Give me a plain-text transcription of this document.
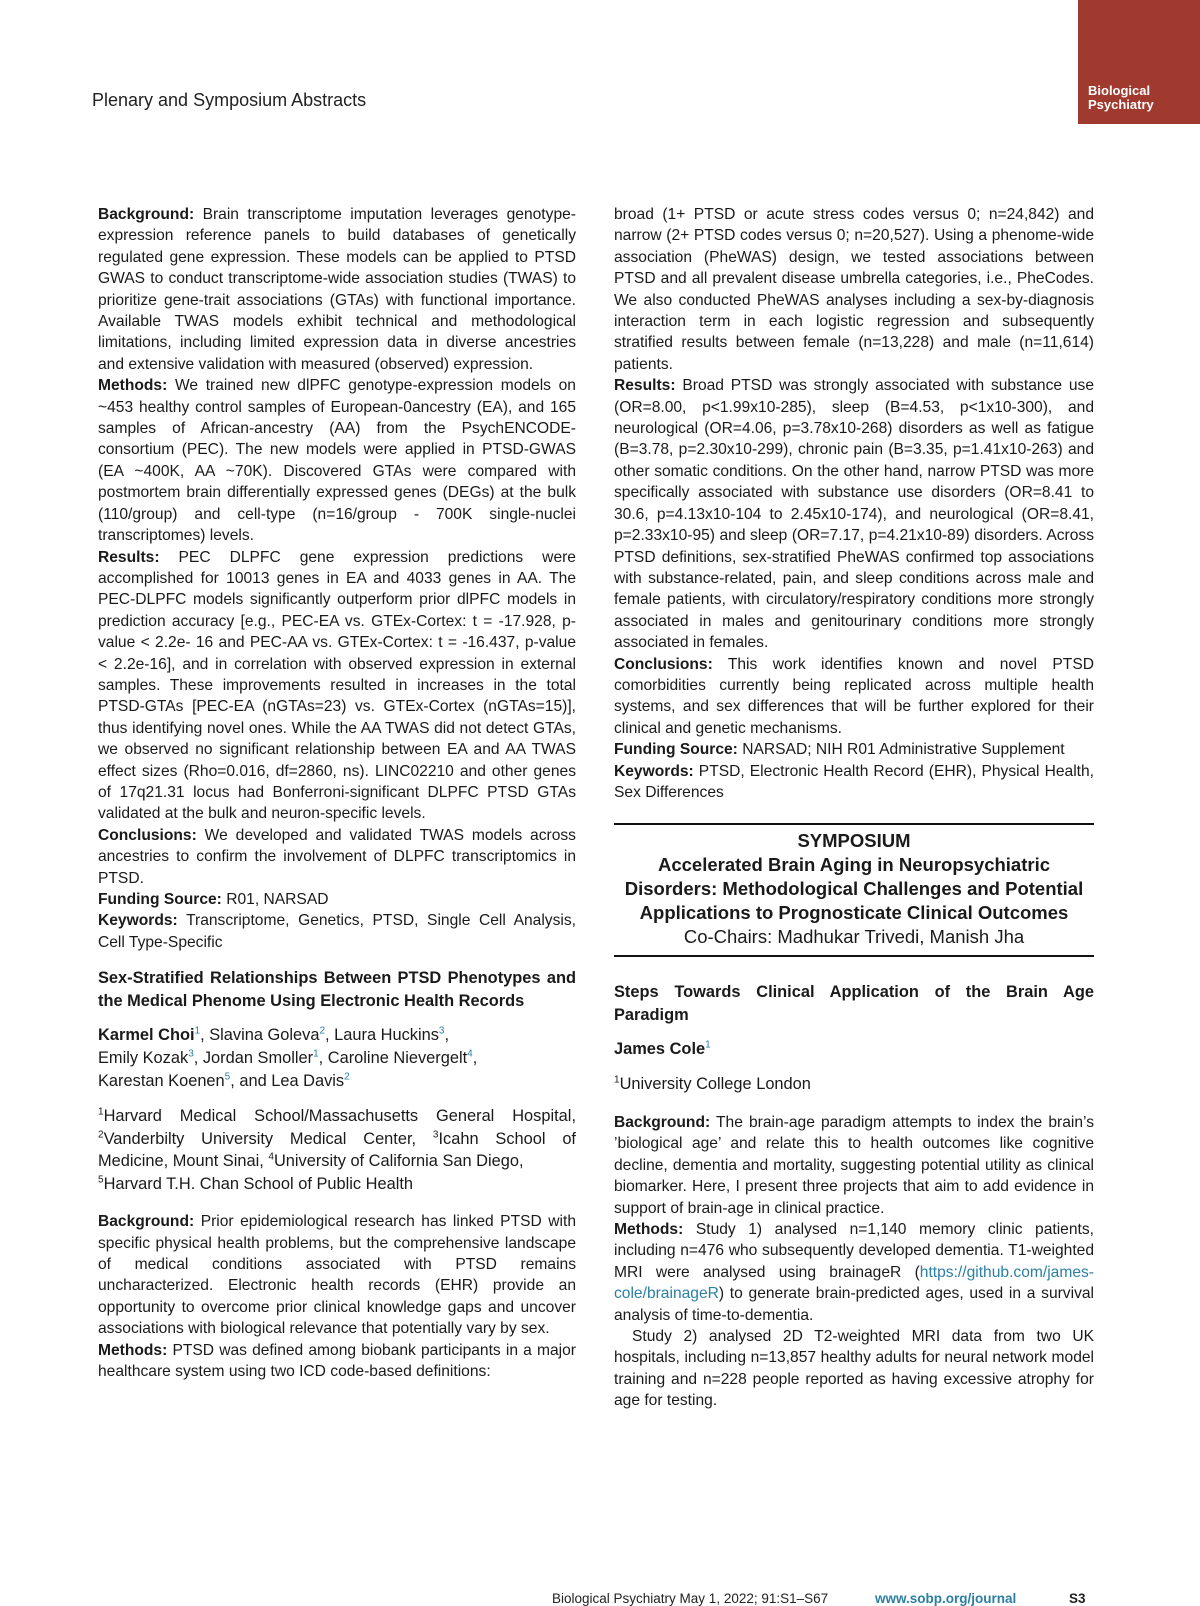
Plenary and Symposium Abstracts	Biological
Psychiatry

Background: Brain transcriptome imputation leverages genotype-expression reference panels to build databases of genetically regulated gene expression. These models can be applied to PTSD GWAS to conduct transcriptome-wide association studies (TWAS) to prioritize gene-trait associations (GTAs) with functional importance. Available TWAS models exhibit technical and methodological limitations, including limited expression data in diverse ancestries and extensive validation with measured (observed) expression.

Methods: We trained new dlPFC genotype-expression models on ~453 healthy control samples of European-0ancestry (EA), and 165 samples of African-ancestry (AA) from the PsychENCODE-consortium (PEC). The new models were applied in PTSD-GWAS (EA ~400K, AA ~70K). Discovered GTAs were compared with postmortem brain differentially expressed genes (DEGs) at the bulk (110/group) and cell-type (n=16/group - 700K single-nuclei transcriptomes) levels.

Results: PEC DLPFC gene expression predictions were accomplished for 10013 genes in EA and 4033 genes in AA. The PEC-DLPFC models significantly outperform prior dlPFC models in prediction accuracy [e.g., PEC-EA vs. GTEx-Cortex: t = -17.928, p-value < 2.2e- 16 and PEC-AA vs. GTEx-Cortex: t = -16.437, p-value < 2.2e-16], and in correlation with observed expression in external samples. These improvements resulted in increases in the total PTSD-GTAs [PEC-EA (nGTAs=23) vs. GTEx-Cortex (nGTAs=15)], thus identifying novel ones. While the AA TWAS did not detect GTAs, we observed no significant relationship between EA and AA TWAS effect sizes (Rho=0.016, df=2860, ns). LINC02210 and other genes of 17q21.31 locus had Bonferroni-significant DLPFC PTSD GTAs validated at the bulk and neuron-specific levels.

Conclusions: We developed and validated TWAS models across ancestries to confirm the involvement of DLPFC transcriptomics in PTSD.

Funding Source: R01, NARSAD

Keywords: Transcriptome, Genetics, PTSD, Single Cell Analysis, Cell Type-Specific

Sex-Stratified Relationships Between PTSD Phenotypes and the Medical Phenome Using Electronic Health Records
Karmel Choi$^1$, Slavina Goleva$^2$, Laura Huckins$^3$,
Emily Kozak$^3$, Jordan Smoller$^1$, Caroline Nievergelt$^4$,
Karestan Koenen$^5$, and Lea Davis$^2$
$^1$Harvard Medical School/Massachusetts General Hospital, $^2$Vanderbilty University Medical Center, $^3$Icahn School of Medicine, Mount Sinai, $^4$University of California San Diego,
$^5$Harvard T.H. Chan School of Public Health

Background: Prior epidemiological research has linked PTSD with specific physical health problems, but the comprehensive landscape of medical conditions associated with PTSD remains uncharacterized. Electronic health records (EHR) provide an opportunity to overcome prior clinical knowledge gaps and uncover associations with biological relevance that potentially vary by sex.

Methods: PTSD was defined among biobank participants in a major healthcare system using two ICD code-based definitions:

broad (1+ PTSD or acute stress codes versus 0; n=24,842) and narrow (2+ PTSD codes versus 0; n=20,527). Using a phenome-wide association (PheWAS) design, we tested associations between PTSD and all prevalent disease umbrella categories, i.e., PheCodes. We also conducted PheWAS analyses including a sex-by-diagnosis interaction term in each logistic regression and subsequently stratified results between female (n=13,228) and male (n=11,614) patients.

Results: Broad PTSD was strongly associated with substance use (OR=8.00, p<1.99x10-285), sleep (B=4.53, p<1x10-300), and neurological (OR=4.06, p=3.78x10-268) disorders as well as fatigue (B=3.78, p=2.30x10-299), chronic pain (B=3.35, p=1.41x10-263) and other somatic conditions. On the other hand, narrow PTSD was more specifically associated with substance use disorders (OR=8.41 to 30.6, p=4.13x10-104 to 2.45x10-174), and neurological (OR=8.41, p=2.33x10-95) and sleep (OR=7.17, p=4.21x10-89) disorders. Across PTSD definitions, sex-stratified PheWAS confirmed top associations with substance-related, pain, and sleep conditions across male and female patients, with circulatory/respiratory conditions more strongly associated in males and genitourinary conditions more strongly associated in females.

Conclusions: This work identifies known and novel PTSD comorbidities currently being replicated across multiple health systems, and sex differences that will be further explored for their clinical and genetic mechanisms.

Funding Source: NARSAD; NIH R01 Administrative Supplement

Keywords: PTSD, Electronic Health Record (EHR), Physical Health, Sex Differences

SYMPOSIUM
Accelerated Brain Aging in Neuropsychiatric Disorders: Methodological Challenges and Potential Applications to Prognosticate Clinical Outcomes
Co-Chairs: Madhukar Trivedi, Manish Jha
Steps Towards Clinical Application of the Brain Age Paradigm
James Cole$^1$
$^1$University College London

Background: The brain-age paradigm attempts to index the brain’s ’biological age’ and relate this to health outcomes like cognitive decline, dementia and mortality, suggesting potential utility as clinical biomarker. Here, I present three projects that aim to add evidence in support of brain-age in clinical practice.

Methods: Study 1) analysed n=1,140 memory clinic patients, including n=476 who subsequently developed dementia. T1-weighted MRI were analysed using brainageR (https://github.com/james-cole/brainageR) to generate brain-predicted ages, used in a survival analysis of time-to-dementia.

Study 2) analysed 2D T2-weighted MRI data from two UK hospitals, including n=13,857 healthy adults for neural network model training and n=228 people reported as having excessive atrophy for age for testing.

Biological Psychiatry May 1, 2022; 91:S1–S67	www.sobp.org/journal	S3
